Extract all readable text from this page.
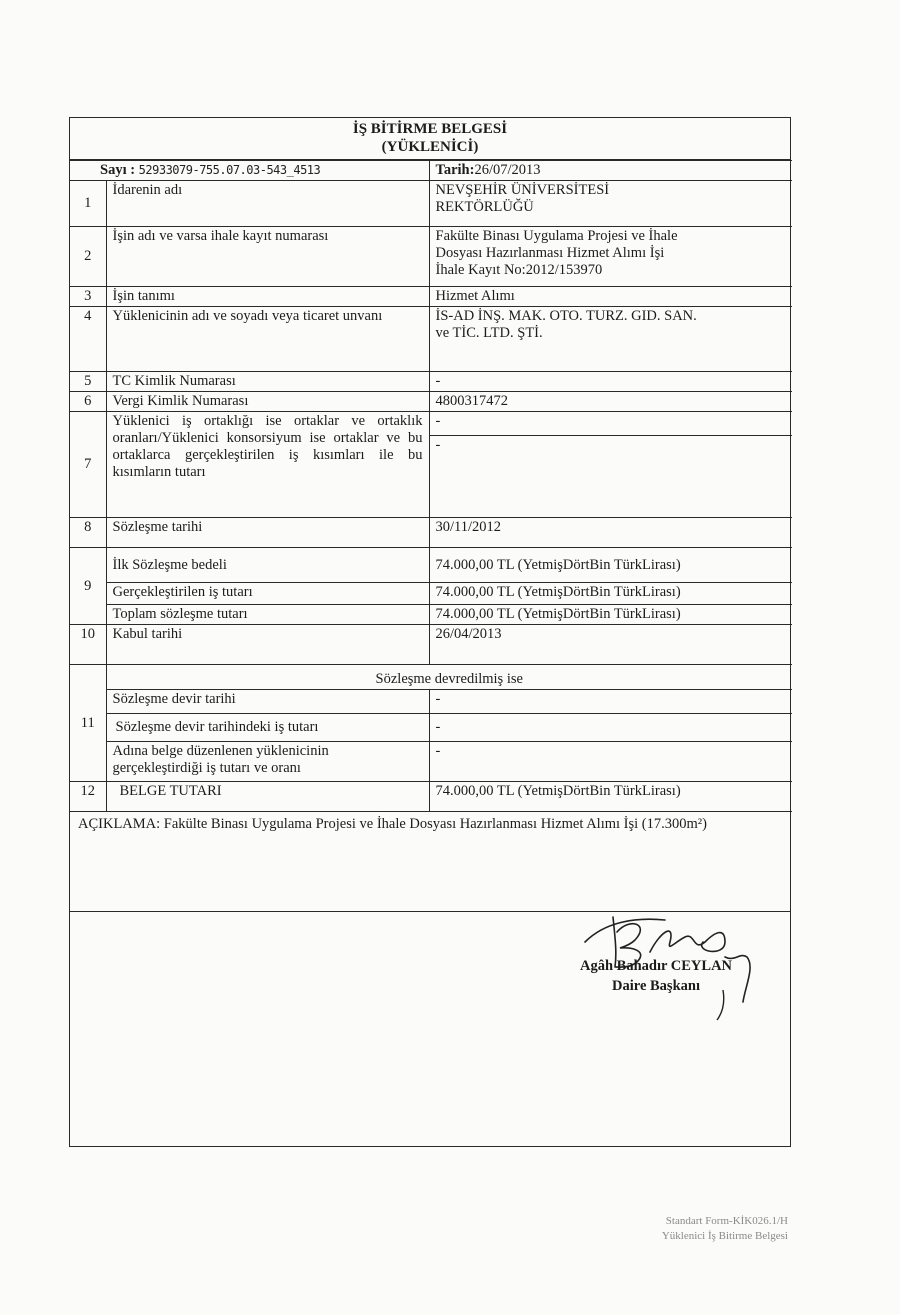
İŞ BİTİRME BELGESİ
(YÜKLENİCİ)
Sayı : 52933079-755.07.03-543_4513		Tarih:26/07/2013
1	İdarenin adı	NEVŞEHİR ÜNİVERSİTESİ
REKTÖRLÜĞÜ

2	İşin adı ve varsa ihale kayıt numarası	Fakülte Binası Uygulama Projesi ve İhale
Dosyası Hazırlanması Hizmet Alımı İşi
İhale Kayıt No:2012/153970

3	İşin tanımı	Hizmet Alımı
4	Yüklenicinin adı ve soyadı veya ticaret unvanı	İS-AD İNŞ. MAK. OTO. TURZ. GID. SAN.
ve TİC. LTD. ŞTİ.

5	TC Kimlik Numarası	-
6	Vergi Kimlik Numarası	4800317472
7	Yüklenici iş ortaklığı ise ortaklar ve ortaklık oranları/Yüklenici konsorsiyum ise ortaklar ve bu ortaklarca gerçekleştirilen iş kısımları ile bu kısımların tutarı	-
		-
8	Sözleşme tarihi	30/11/2012
9	İlk Sözleşme bedeli	74.000,00 TL (YetmişDörtBin TürkLirası)
	Gerçekleştirilen iş tutarı	74.000,00 TL (YetmişDörtBin TürkLirası)
	Toplam sözleşme tutarı	74.000,00 TL (YetmişDörtBin TürkLirası)
10	Kabul tarihi	26/04/2013
11	Sözleşme devredilmiş ise	
	Sözleşme devir tarihi	-
	Sözleşme devir tarihindeki iş tutarı	-
	Adına belge düzenlenen yüklenicinin gerçekleştirdiği iş tutarı ve oranı	-
12	BELGE TUTARI	74.000,00 TL (YetmişDörtBin TürkLirası)
AÇIKLAMA: Fakülte Binası Uygulama Projesi ve İhale Dosyası Hazırlanması Hizmet Alımı İşi (17.300m²)
Agâh Bahadır CEYLAN
Daire Başkanı
Standart Form-KİK026.1/H
Yüklenici İş Bitirme Belgesi
